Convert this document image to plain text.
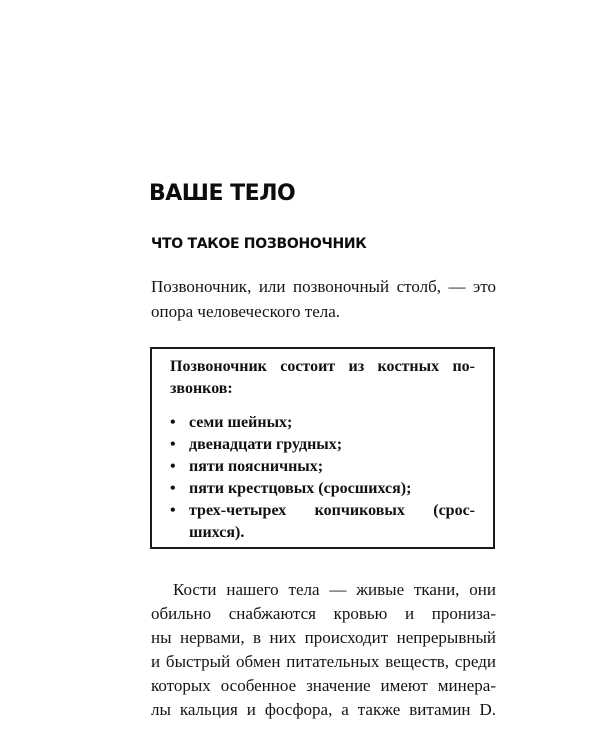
ВАШЕ ТЕЛО
ЧТО ТАКОЕ ПОЗВОНОЧНИК

Позвоночник, или позвоночный столб, — это
опора человеческого тела.

Позвоночник состоит из костных по-
звонков:

• семи шейных;
• двенадцати грудных;
• пяти поясничных;
• пяти крестцовых (сросшихся);
• трех-четырех копчиковых (срос-
шихся).

Кости нашего тела — живые ткани, они
обильно снабжаются кровью и пронизa-
ны нервами, в них происходит непрерывный
и быстрый обмен питательных веществ, среди
которых особенное значение имеют минера-
лы кальция и фосфора, а также витамин D.
